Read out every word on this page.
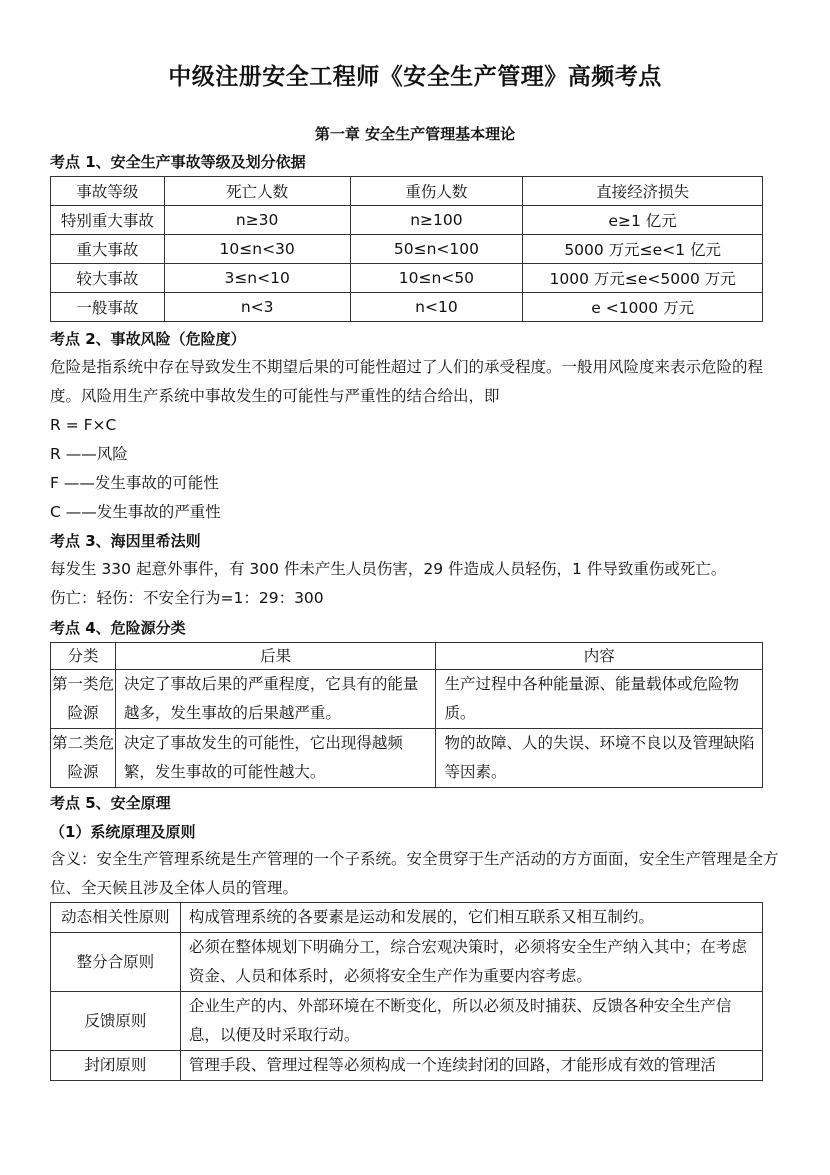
中级注册安全工程师《安全生产管理》高频考点
第一章 安全生产管理基本理论
考点 1、安全生产事故等级及划分依据
事故等级	死亡人数	重伤人数	直接经济损失
特别重大事故	n≥30	n≥100	e≥1 亿元
重大事故	10≤n<30	50≤n<100	5000 万元≤e<1 亿元
较大事故	3≤n<10	10≤n<50	1000 万元≤e<5000 万元
一般事故	n<3	n<10	e <1000 万元
考点 2、事故风险（危险度）
危险是指系统中存在导致发生不期望后果的可能性超过了人们的承受程度。一般用风险度来表示危险的程度。风险用生产系统中事故发生的可能性与严重性的结合给出，即
R = F×C
R ——风险
F ——发生事故的可能性
C ——发生事故的严重性
考点 3、海因里希法则
每发生 330 起意外事件，有 300 件未产生人员伤害，29 件造成人员轻伤，1 件导致重伤或死亡。
伤亡：轻伤：不安全行为=1：29：300
考点 4、危险源分类
分类	后果	内容
第一类危险源	决定了事故后果的严重程度，它具有的能量越多，发生事故的后果越严重。	生产过程中各种能量源、能量载体或危险物质。
第二类危险源	决定了事故发生的可能性，它出现得越频繁，发生事故的可能性越大。	物的故障、人的失误、环境不良以及管理缺陷等因素。
考点 5、安全原理
（1）系统原理及原则
含义：安全生产管理系统是生产管理的一个子系统。安全贯穿于生产活动的方方面面，安全生产管理是全方位、全天候且涉及全体人员的管理。
动态相关性原则	构成管理系统的各要素是运动和发展的，它们相互联系又相互制约。
整分合原则	必须在整体规划下明确分工，综合宏观决策时，必须将安全生产纳入其中；在考虑资金、人员和体系时，必须将安全生产作为重要内容考虑。
反馈原则	企业生产的内、外部环境在不断变化，所以必须及时捕获、反馈各种安全生产信息，以便及时采取行动。
封闭原则	管理手段、管理过程等必须构成一个连续封闭的回路，才能形成有效的管理活
